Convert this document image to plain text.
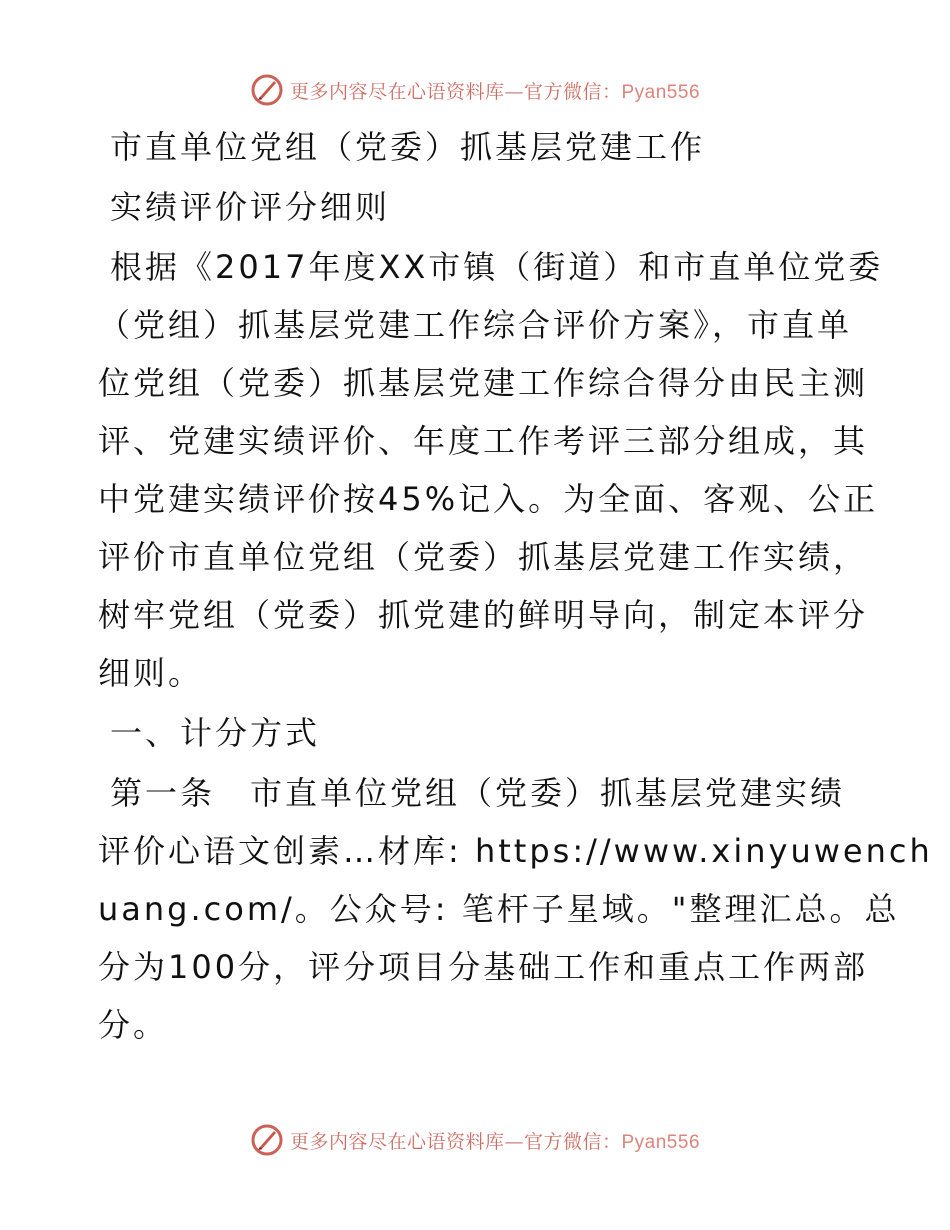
更多内容尽在心语资料库—官方微信：Pyan556

市直单位党组（党委）抓基层党建工作

实绩评价评分细则

根据《2017年度XX市镇（街道）和市直单位党委

（党组）抓基层党建工作综合评价方案》，市直单

位党组（党委）抓基层党建工作综合得分由民主测

评、党建实绩评价、年度工作考评三部分组成，其

中党建实绩评价按45%记入。为全面、客观、公正

评价市直单位党组（党委）抓基层党建工作实绩，

树牢党组（党委）抓党建的鲜明导向，制定本评分

细则。

一、计分方式

第一条　市直单位党组（党委）抓基层党建实绩

评价心语文创素…材库: https://www.xinyuwench

uang.com/。公众号: 笔杆子星域。"整理汇总。总

分为100分，评分项目分基础工作和重点工作两部

分。

更多内容尽在心语资料库—官方微信：Pyan556
